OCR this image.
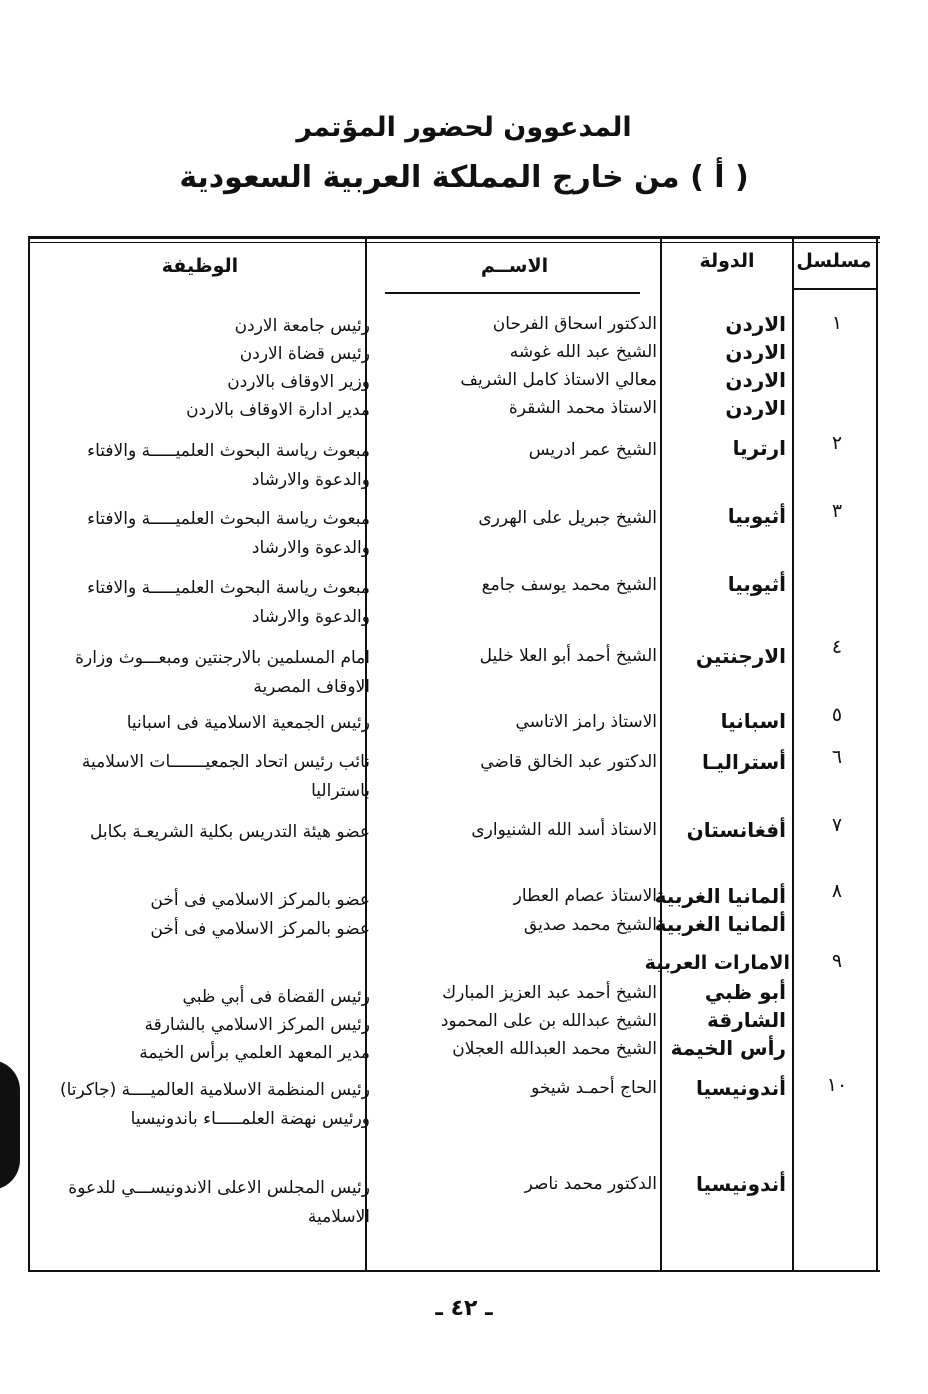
المدعوون لحضور المؤتمر
( أ ) من خارج المملكة العربية السعودية
مسلسل
الدولة
الاســم
الوظيفة
١
الاردن
الدكتور اسحاق الفرحان
رئيس جامعة الاردن
الاردن
الشيخ عبد الله غوشه
رئيس قضاة الاردن
الاردن
معالي الاستاذ كامل الشريف
وزير الاوقاف بالاردن
الاردن
الاستاذ محمد الشقرة
مدير ادارة الاوقاف بالاردن
٢
ارتريا
الشيخ عمر ادريس
مبعوث رياسة البحوث العلميـــــة والافتاء والدعوة والارشاد
٣
أثيوبيا
الشيخ جبريل على الهررى
مبعوث رياسة البحوث العلميـــــة والافتاء والدعوة والارشاد
أثيوبيا
الشيخ محمد يوسف جامع
مبعوث رياسة البحوث العلميـــــة والافتاء والدعوة والارشاد
٤
الارجنتين
الشيخ أحمد أبو العلا خليل
امام المسلمين بالارجنتين ومبعـــوث وزارة الاوقاف المصرية
٥
اسبانيا
الاستاذ رامز الاتاسي
رئيس الجمعية الاسلامية فى اسبانيا
٦
أستراليـا
الدكتور عبد الخالق قاضي
نائب رئيس اتحاد الجمعيـــــــات الاسلامية باستراليا
٧
أفغانستان
الاستاذ أسد الله الشنيوارى
عضو هيئة التدريس بكلية الشريعـة بكابل
٨
ألمانيا الغربية
الاستاذ عصام العطار
عضو بالمركز الاسلامي فى أخن
ألمانيا الغربية
الشيخ محمد صديق
عضو بالمركز الاسلامي فى أخن
٩
الامارات العربية
أبو ظبي
الشيخ أحمد عبد العزيز المبارك
رئيس القضاة فى أبي ظبي
الشارقة
الشيخ عبدالله بن على المحمود
رئيس المركز الاسلامي بالشارقة
رأس الخيمة
الشيخ محمد العبدالله العجلان
مدير المعهد العلمي برأس الخيمة
١٠
أندونيسيا
الحاج أحمـد شيخو
رئيس المنظمة الاسلامية العالميــــة (جاكرتا) ورئيس نهضة العلمـــــاء باندونيسيا
أندونيسيا
الدكتور محمد ناصر
رئيس المجلس الاعلى الاندونيســـي للدعوة الاسلامية
ـ ٤٢ ـ
